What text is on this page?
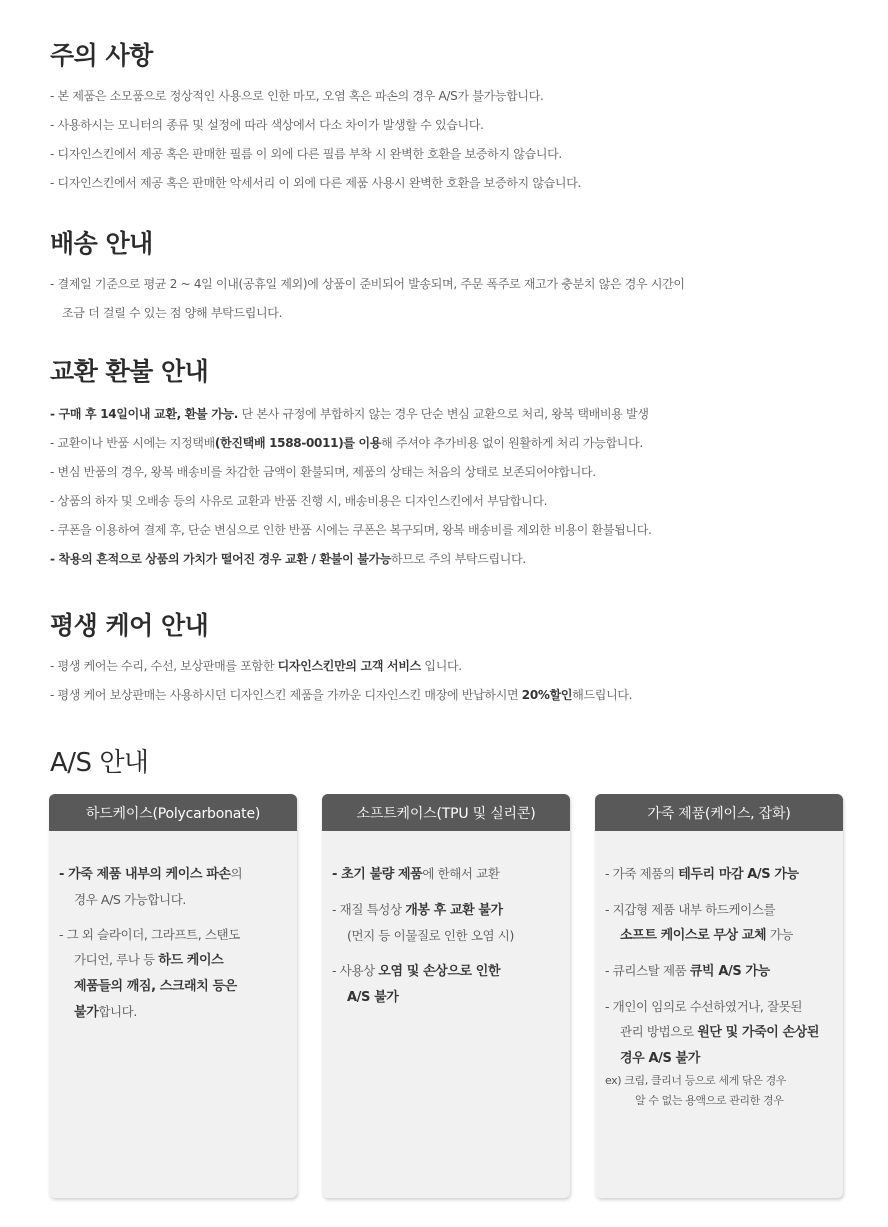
주의 사항
- 본 제품은 소모품으로 정상적인 사용으로 인한 마모, 오염 혹은 파손의 경우 A/S가 불가능합니다.
- 사용하시는 모니터의 종류 및 설정에 따라 색상에서 다소 차이가 발생할 수 있습니다.
- 디자인스킨에서 제공 혹은 판매한 필름 이 외에 다른 필름 부착 시 완벽한 호환을 보증하지 않습니다.
- 디자인스킨에서 제공 혹은 판매한 악세서리 이 외에 다른 제품 사용시 완벽한 호환을 보증하지 않습니다.
배송 안내
- 결제일 기준으로 평균 2 ~ 4일 이내(공휴일 제외)에 상품이 준비되어 발송되며, 주문 폭주로 재고가 충분치 않은 경우 시간이
조금 더 걸릴 수 있는 점 양해 부탁드립니다.
교환 환불 안내
- 구매 후 14일이내 교환, 환불 가능. 단 본사 규정에 부합하지 않는 경우 단순 변심 교환으로 처리, 왕복 택배비용 발생
- 교환이나 반품 시에는 지정택배(한진택배 1588-0011)를 이용해 주셔야 추가비용 없이 원활하게 처리 가능합니다.
- 변심 반품의 경우, 왕복 배송비를 차감한 금액이 환불되며, 제품의 상태는 처음의 상태로 보존되어야합니다.
- 상품의 하자 및 오배송 등의 사유로 교환과 반품 진행 시, 배송비용은 디자인스킨에서 부담합니다.
- 쿠폰을 이용하여 결제 후, 단순 변심으로 인한 반품 시에는 쿠폰은 복구되며, 왕복 배송비를 제외한 비용이 환불됩니다.
- 착용의 흔적으로 상품의 가치가 떨어진 경우 교환 / 환불이 불가능하므로 주의 부탁드립니다.
평생 케어 안내
- 평생 케어는 수리, 수선, 보상판매를 포함한 디자인스킨만의 고객 서비스 입니다.
- 평생 케어 보상판매는 사용하시던 디자인스킨 제품을 가까운 디자인스킨 매장에 반납하시면 20%할인해드립니다.
A/S 안내
하드케이스(Polycarbonate)
- 가죽 제품 내부의 케이스 파손의
경우 A/S 가능합니다.
- 그 외 슬라이더, 그라프트, 스탠도
가디언, 루나 등 하드 케이스
제품들의 깨짐, 스크래치 등은
불가합니다.
소프트케이스(TPU 및 실리콘)
- 초기 불량 제품에 한해서 교환
- 재질 특성상 개봉 후 교환 불가
(먼지 등 이물질로 인한 오염 시)
- 사용상 오염 및 손상으로 인한
A/S 불가
가죽 제품(케이스, 잡화)
- 가죽 제품의 테두리 마감 A/S 가능
- 지갑형 제품 내부 하드케이스를
소프트 케이스로 무상 교체 가능
- 큐리스탈 제품 큐빅 A/S 가능
- 개인이 임의로 수선하였거나, 잘못된
관리 방법으로 원단 및 가죽이 손상된
경우 A/S 불가
ex) 크림, 클리너 등으로 세게 닦은 경우
알 수 없는 용액으로 관리한 경우
